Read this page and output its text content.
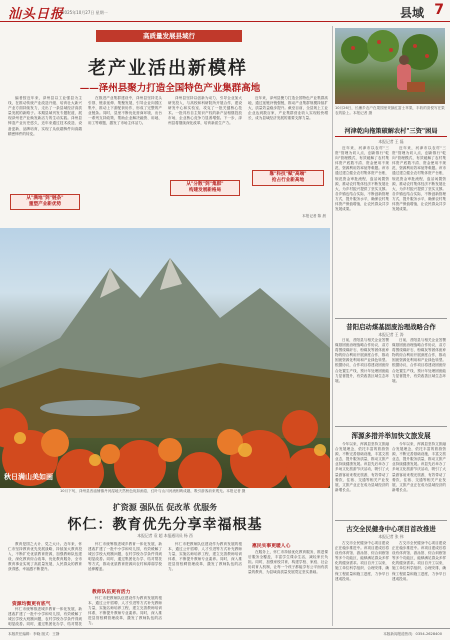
汕头日报
2025年10月27日 星期一	县域 7
高质量发展县域行
老产业活出新模样
——泽州县聚力打造全国特色产业集群高地

编者按近年来，泽州县以工业强县为主线，在推动传统产业改造升级、培育壮大新兴产业方面持续发力，走出了一条县域经济高质量发展的新路子。本期县域刊发专题报道，展现泽州老产业焕发新活力的生动实践。泽州县铸造产业历史悠久，近年来通过技术改造、设备更新、品牌培育，实现了从低端铸件向高端精密铸件的转变。

从"满地"到"链条"
重塑产业新优势

在推进产业集群建设中，泽州县坚持龙头引领、链条延伸、集聚发展，引导企业向园区集中，推动上下游配套协作，形成了完整的产业链条。同时，县里不断优化营商环境，出台一系列支持政策，帮助企业解决融资、用地、用工等难题，激发了市场主体活力。

泽州县坚持以创新为动力，引导企业加大研发投入，与高校和科研院所开展合作，建设研发中心和实验室，攻克了一批关键核心技术。一批具有自主知识产权的新产品相继投放市场，企业核心竞争力显著增强。下一步，泽州县将继续深化改革，培育新质生产力。

从"分散"到"集群"
构建发展新格局

近年来，泽州县聚力打造全国特色产业集群高地，通过延链补链强链，推动产业集群规模持续扩大，质量效益稳步提升。截至目前，全县规上工业企业达到数百家，产业集群营业收入实现较快增长，成为县域经济发展的重要支撑力量。

靠"科技"赋"高端"
抢占行业新高地
本报记者 陈 晨
10月26日，长濑乡农户在果园里采摘红富士苹果，丰收的喜悦写在果农的脸上。本报记者 摄
河津乾向拖策破解农村"三资"困局
本报记者 王 磊

近年来，河津市以农村"三资"管理为切入点，创新推行"乾向"管理模式，有效破解了农村集体资产底数不清、资金使用不规范、资源利用效率低等难题。该市通过建立健全农村集体资产台账，规范资金审批流程，盘活闲置资源，推动农村集体经济不断发展壮大，为乡村振兴提供了坚实支撑。各乡镇也结合实际，不断创新管理方式，提升服务水平，确保农村集体资产保值增值，让农民群众共享发展成果。

近年来，河津市以农村"三资"管理为切入点，创新推行"乾向"管理模式，有效破解了农村集体资产底数不清、资金使用不规范、资源利用效率低等难题。该市通过建立健全农村集体资产台账，规范资金审批流程，盘活闲置资源，推动农村集体经济不断发展壮大，为乡村振兴提供了坚实支撑。各乡镇也结合实际，不断创新管理方式，提升服务水平，确保农村集体资产保值增值，让农民群众共享发展成果。

昔阳启动煤基固废治理战略合作
本报记者 王 涛

日前，昔阳县与相关企业签署煤基固废治理战略合作协议，双方将围绕煤矸石、粉煤灰等固体废弃物的综合利用开展深度合作，推动固废资源化利用和产业绿色转型。根据协议，合作项目将建设固废综合处置生产线，预计年处理固废能力显著提升，有效改善区域生态环境。

日前，昔阳县与相关企业签署煤基固废治理战略合作协议，双方将围绕煤矸石、粉煤灰等固体废弃物的综合利用开展深度合作，推动固废资源化利用和产业绿色转型。根据协议，合作项目将建设固废综合处置生产线，预计年处理固废能力显著提升，有效改善区域生态环境。

浑源多措并举加快文旅发展

今年以来，浑源县坚持文旅融合发展理念，依托丰富的旅游资源，不断完善基础设施，丰富文旅业态，提升服务质量，推动文旅产业持续健康发展。该县先后举办了多场文化旅游节庆活动，吸引了大量游客前来观光旅游，有效带动了餐饮、住宿、交通等相关产业发展，文旅产业正在成为县域经济的新增长点。

今年以来，浑源县坚持文旅融合发展理念，依托丰富的旅游资源，不断完善基础设施，丰富文旅业态，提升服务质量，推动文旅产业持续健康发展。该县先后举办了多场文化旅游节庆活动，吸引了大量游客前来观光旅游，有效带动了餐饮、住宿、交通等相关产业发展，文旅产业正在成为县域经济的新增长点。

古交全民健身中心项目首改推进
本报记者 张 伟

古交市全民健身中心项目建设正在稳步推进中。该项目建成后将设有体育馆、游泳馆、综合训练馆等多个功能区，能够满足群众多样化的健身需求。项目自开工以来，施工单位科学组织、合理安排，确保工程质量和施工进度，力争早日建成投用。

古交市全民健身中心项目建设正在稳步推进中。该项目建成后将设有体育馆、游泳馆、综合训练馆等多个功能区，能够满足群众多样化的健身需求。项目自开工以来，施工单位科学组织、合理安排，确保工程质量和施工进度，力争早日建成投用。

秋日满山美如画
10月下旬，泽州县晋庙铺镇丹河湿地天然秋色宛如画卷，红叶与山川河流相映成趣，吸引游客前来观光。本报记者 摄
扩资源 强队伍 促改革 优服务
怀仁：教育优先分享幸福根基
本报记者 袁 超 本报通讯员 杨 西

教育是国之大计、党之大计。近年来，怀仁市坚持教育优先发展战略，持续加大教育投入，不断扩充优质教育资源，加强教师队伍建设，深化教育综合改革，优化教育服务，全市教育事业实现了高质量发展，人民群众的教育获得感、幸福感不断提升。

资源均衡更有底气

怀仁市统筹推进城乡教育一体化发展，新建改扩建了一批中小学和幼儿园，有效缓解了城区学校大班额问题，农村学校办学条件得到明显改善。同时，通过集团化办学、结对帮扶

怀仁市统筹推进城乡教育一体化发展，新建改扩建了一批中小学和幼儿园，有效缓解了城区学校大班额问题，农村学校办学条件得到明显改善。同时，通过集团化办学、结对帮扶等方式，推动优质教育资源向农村和薄弱学校延伸覆盖。

教师队伍更有活力

怀仁市把教师队伍建设作为教育发展的根本，通过公开招聘、人才引进等方式补充教师力量，实施名师培养工程，建立完善教师培训体系，不断提升教师专业素养。同时，深入推进县管校聘管理改革，激发了教师队伍的活力。

怀仁市把教师队伍建设作为教育发展的根本，通过公开招聘、人才引进等方式补充教师力量，实施名师培养工程，建立完善教师培训体系，不断提升教师专业素养。同时，深入推进县管校聘管理改革，激发了教师队伍的活力。

惠民实事更暖人心

在服务上，怀仁市持续优化教育服务，推进课后服务全覆盖，丰富学生课余生活，减轻家长负担。同时，加强家校共育，构建学校、家庭、社会协同育人机制，让每一个孩子都能享有公平而有质量的教育，为县域高质量发展奠定坚实基础。

本版责任编辑：李晓 版式：王静	本版新闻报道热线：0354-2628400
